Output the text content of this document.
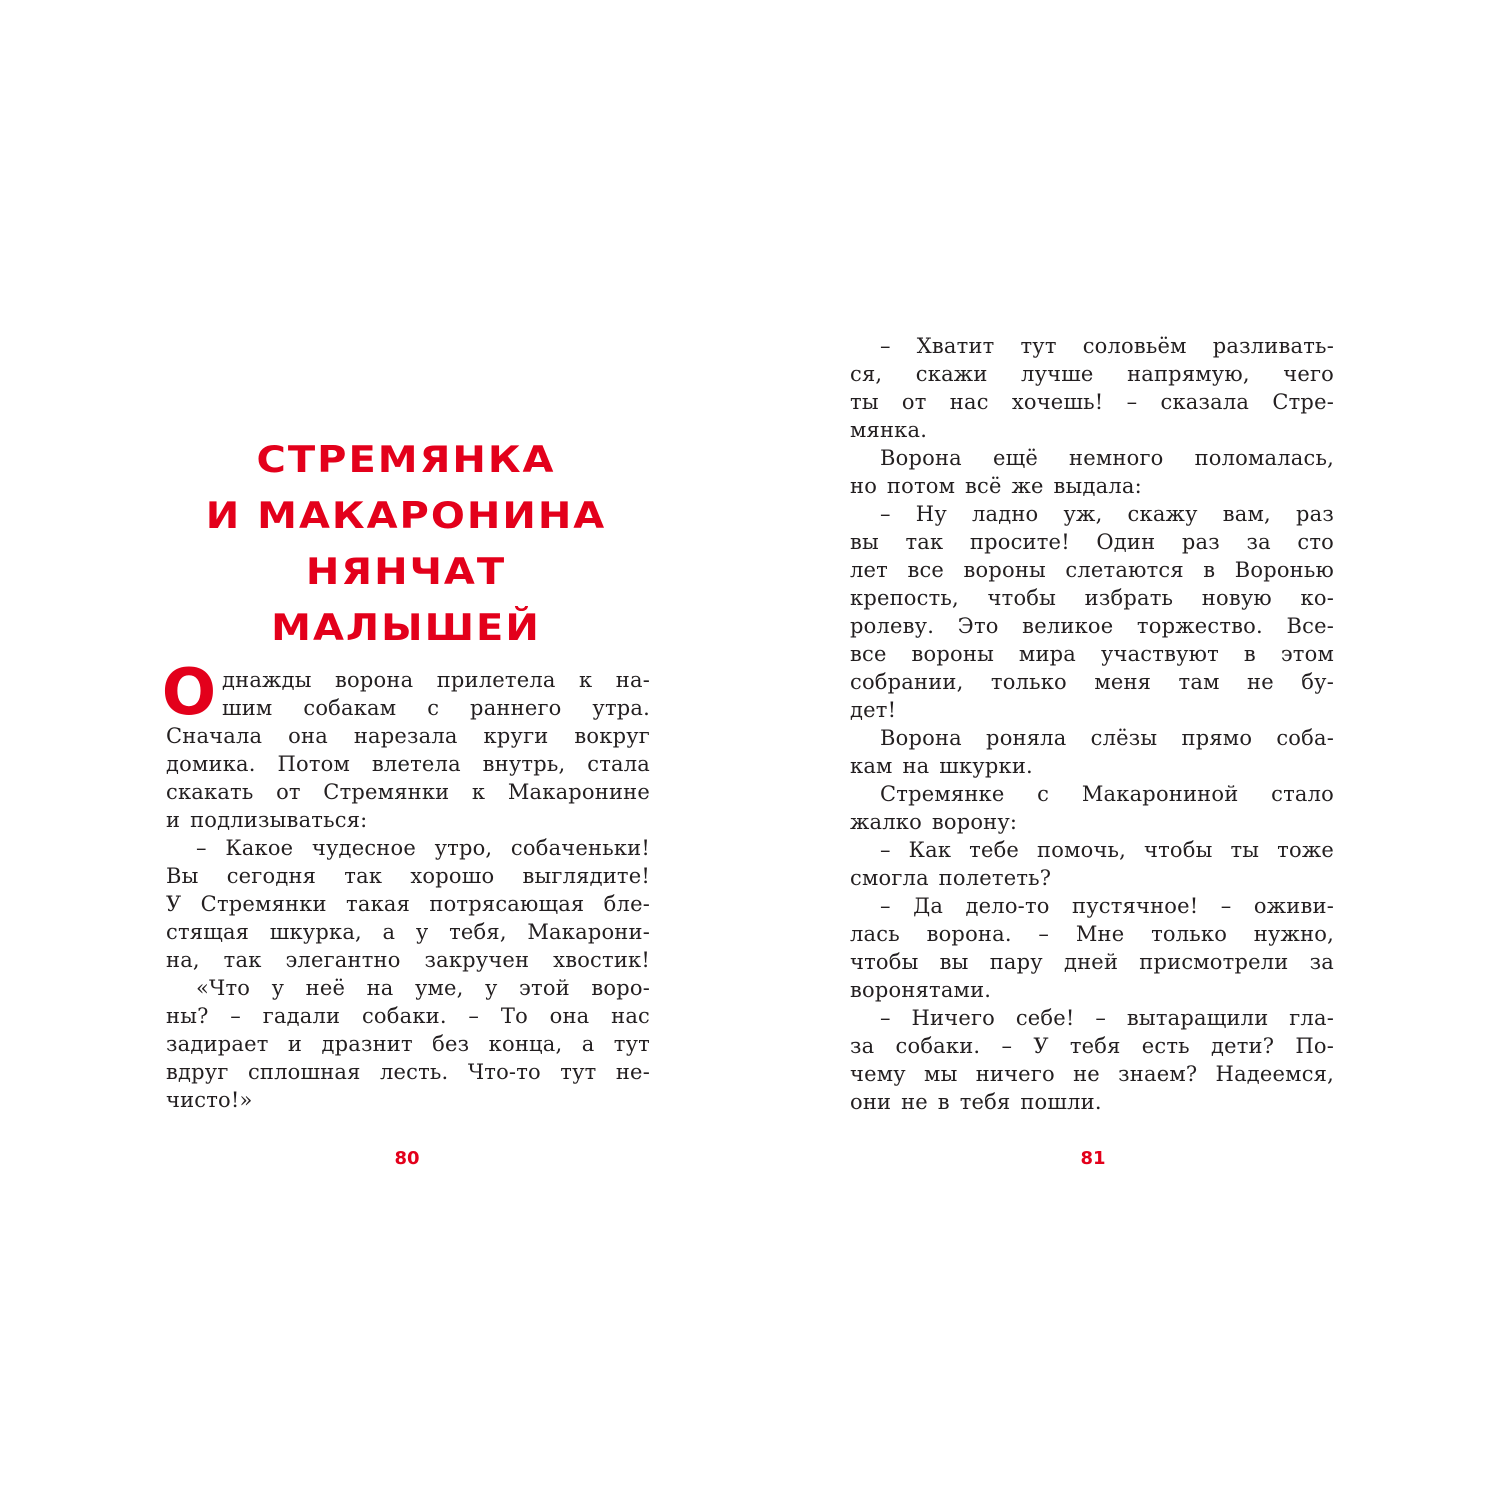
СТРЕМЯНКА
И МАКАРОНИНА
НЯНЧАТ
МАЛЫШЕЙ
О днажды ворона прилетела к на-
шим собакам с раннего утра.
Сначала она нарезала круги вокруг
домика. Потом влетела внутрь, стала
скакать от Стремянки к Макаронине
и подлизываться:
– Какое чудесное утро, собаченьки!
Вы сегодня так хорошо выглядите!
У Стремянки такая потрясающая бле-
стящая шкурка, а у тебя, Макарони-
на, так элегантно закручен хвостик!
«Что у неё на уме, у этой воро-
ны? – гадали собаки. – То она нас
задирает и дразнит без конца, а тут
вдруг сплошная лесть. Что-то тут не-
чисто!»
– Хватит тут соловьём разливать-
ся, скажи лучше напрямую, чего
ты от нас хочешь! – сказала Стре-
мянка.
Ворона ещё немного поломалась,
но потом всё же выдала:
– Ну ладно уж, скажу вам, раз
вы так просите! Один раз за сто
лет все вороны слетаются в Воронью
крепость, чтобы избрать новую ко-
ролеву. Это великое торжество. Все-
все вороны мира участвуют в этом
собрании, только меня там не бу-
дет!
Ворона роняла слёзы прямо соба-
кам на шкурки.
Стремянке с Макарониной стало
жалко ворону:
– Как тебе помочь, чтобы ты тоже
смогла полететь?
– Да дело-то пустячное! – оживи-
лась ворона. – Мне только нужно,
чтобы вы пару дней присмотрели за
воронятами.
– Ничего себе! – вытаращили гла-
за собаки. – У тебя есть дети? По-
чему мы ничего не знаем? Надеемся,
они не в тебя пошли.
80	81
